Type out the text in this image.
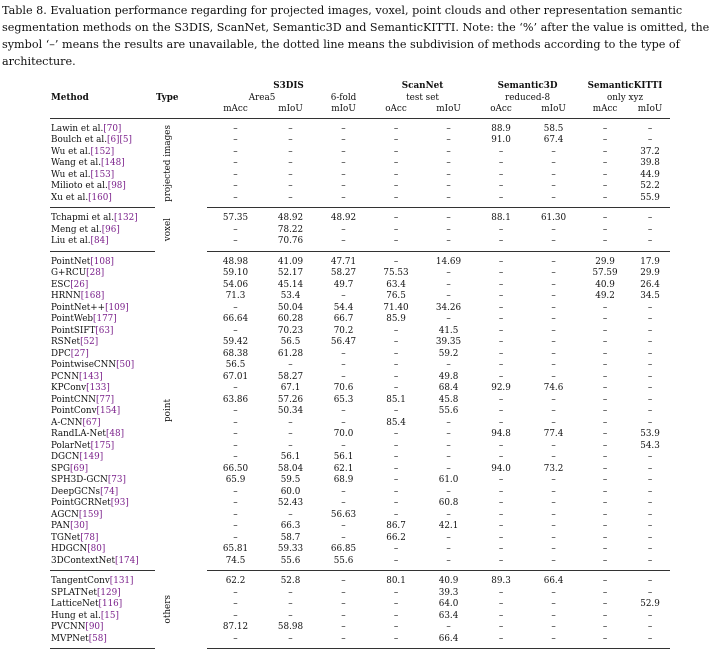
Table 8. Evaluation performance regarding for projected images, voxel, point clouds and other representation semantic segmentation methods on the S3DIS, ScanNet, Semantic3D and SemanticKITTI. Note: the ‘%’ after the value is omitted, the symbol ‘–’ means the results are unavailable, the dotted line means the subdivision of methods according to the type of architecture.
		S3DIS			ScanNet		Semantic3D		SemanticKITTI	
Method	Type	Area5		6-fold	test set		reduced-8		only xyz	
		mAcc	mIoU	mIoU	oAcc	mIoU	oAcc	mIoU	mAcc	mIoU
Lawin et al.[70]	projected images	–	–	–	–	–	88.9	58.5	–	–
Boulch et al.[6][5]		–	–	–	–	–	91.0	67.4	–	–
Wu et al.[152]		–	–	–	–	–	–	–	–	37.2
Wang et al.[148]		–	–	–	–	–	–	–	–	39.8
Wu et al.[153]		–	–	–	–	–	–	–	–	44.9
Milioto et al.[98]		–	–	–	–	–	–	–	–	52.2
Xu et al.[160]		–	–	–	–	–	–	–	–	55.9
Tchapmi et al.[132]	voxel	57.35	48.92	48.92	–	–	88.1	61.30	–	–
Meng et al.[96]		–	78.22	–	–	–	–	–	–	–
Liu et al.[84]		–	70.76	–	–	–	–	–	–	–
PointNet[108]	point	48.98	41.09	47.71	–	14.69	–	–	29.9	17.9
G+RCU[28]		59.10	52.17	58.27	75.53	–	–	–	57.59	29.9
ESC[26]		54.06	45.14	49.7	63.4	–	–	–	40.9	26.4
HRNN[168]		71.3	53.4	–	76.5	–	–	–	49.2	34.5
PointNet++[109]		–	50.04	54.4	71.40	34.26	–	–	–	–
PointWeb[177]		66.64	60.28	66.7	85.9	–	–	–	–	–
PointSIFT[63]		–	70.23	70.2	–	41.5	–	–	–	–
RSNet[52]		59.42	56.5	56.47	–	39.35	–	–	–	–
DPC[27]		68.38	61.28	–	–	59.2	–	–	–	–
PointwiseCNN[50]		56.5	–	–	–	–	–	–	–	–
PCNN[143]		67.01	58.27	–	–	49.8	–	–	–	–
KPConv[133]		–	67.1	70.6	–	68.4	92.9	74.6	–	–
PointCNN[77]		63.86	57.26	65.3	85.1	45.8	–	–	–	–
PointConv[154]		–	50.34	–	–	55.6	–	–	–	–
A-CNN[67]		–	–	–	85.4	–	–	–	–	–
RandLA-Net[48]		–	–	70.0	–	–	94.8	77.4	–	53.9
PolarNet[175]		–	–	–	–	–	–	–	–	54.3
DGCN[149]		–	56.1	56.1	–	–	–	–	–	–
SPG[69]		66.50	58.04	62.1	–	–	94.0	73.2	–	–
SPH3D-GCN[73]		65.9	59.5	68.9	–	61.0	–	–	–	–
DeepGCNs[74]		–	60.0	–	–	–	–	–	–	–
PointGCRNet[93]		–	52.43	–	–	60.8	–	–	–	–
AGCN[159]		–	–	56.63	–	–	–	–	–	–
PAN[30]		–	66.3	–	86.7	42.1	–	–	–	–
TGNet[78]		–	58.7	–	66.2	–	–	–	–	–
HDGCN[80]		65.81	59.33	66.85	–	–	–	–	–	–
3DContextNet[174]		74.5	55.6	55.6	–	–	–	–	–	–
TangentConv[131]	others	62.2	52.8	–	80.1	40.9	89.3	66.4	–	–
SPLATNet[129]		–	–	–	–	39.3	–	–	–	–
LatticeNet[116]		–	–	–	–	64.0	–	–	–	52.9
Hung et al.[15]		–	–	–	–	63.4	–	–	–	–
PVCNN[90]		87.12	58.98	–	–	–	–	–	–	–
MVPNet[58]		–	–	–	–	66.4	–	–	–	–
